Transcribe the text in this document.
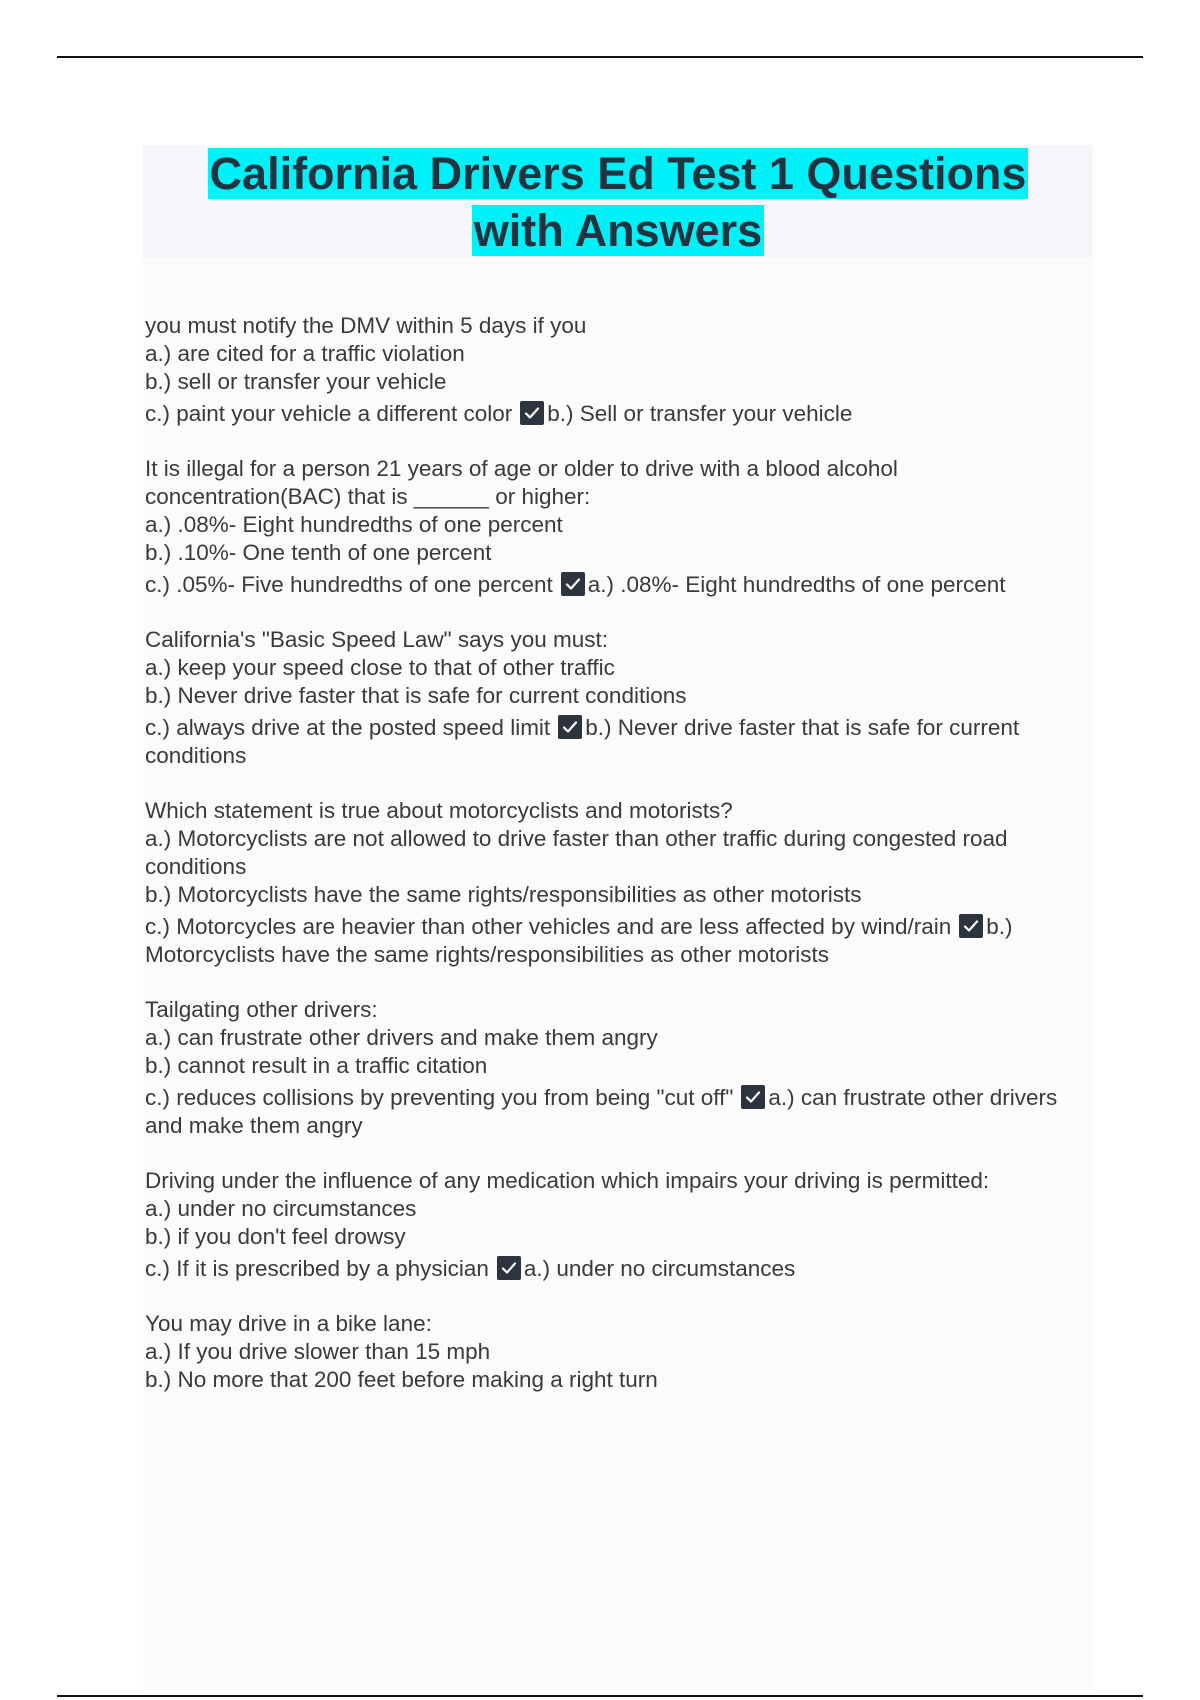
California Drivers Ed Test 1 Questions
with Answers
you must notify the DMV within 5 days if you
a.) are cited for a traffic violation
b.) sell or transfer your vehicle
c.) paint your vehicle a different color b.) Sell or transfer your vehicle
It is illegal for a person 21 years of age or older to drive with a blood alcohol concentration(BAC) that is ______ or higher:
a.) .08%- Eight hundredths of one percent
b.) .10%- One tenth of one percent
c.) .05%- Five hundredths of one percent a.) .08%- Eight hundredths of one percent
California's "Basic Speed Law" says you must:
a.) keep your speed close to that of other traffic
b.) Never drive faster that is safe for current conditions
c.) always drive at the posted speed limit b.) Never drive faster that is safe for current conditions
Which statement is true about motorcyclists and motorists?
a.) Motorcyclists are not allowed to drive faster than other traffic during congested road conditions
b.) Motorcyclists have the same rights/responsibilities as other motorists
c.) Motorcycles are heavier than other vehicles and are less affected by wind/rain b.) Motorcyclists have the same rights/responsibilities as other motorists
Tailgating other drivers:
a.) can frustrate other drivers and make them angry
b.) cannot result in a traffic citation
c.) reduces collisions by preventing you from being "cut off" a.) can frustrate other drivers and make them angry
Driving under the influence of any medication which impairs your driving is permitted:
a.) under no circumstances
b.) if you don't feel drowsy
c.) If it is prescribed by a physician a.) under no circumstances
You may drive in a bike lane:
a.) If you drive slower than 15 mph
b.) No more that 200 feet before making a right turn
